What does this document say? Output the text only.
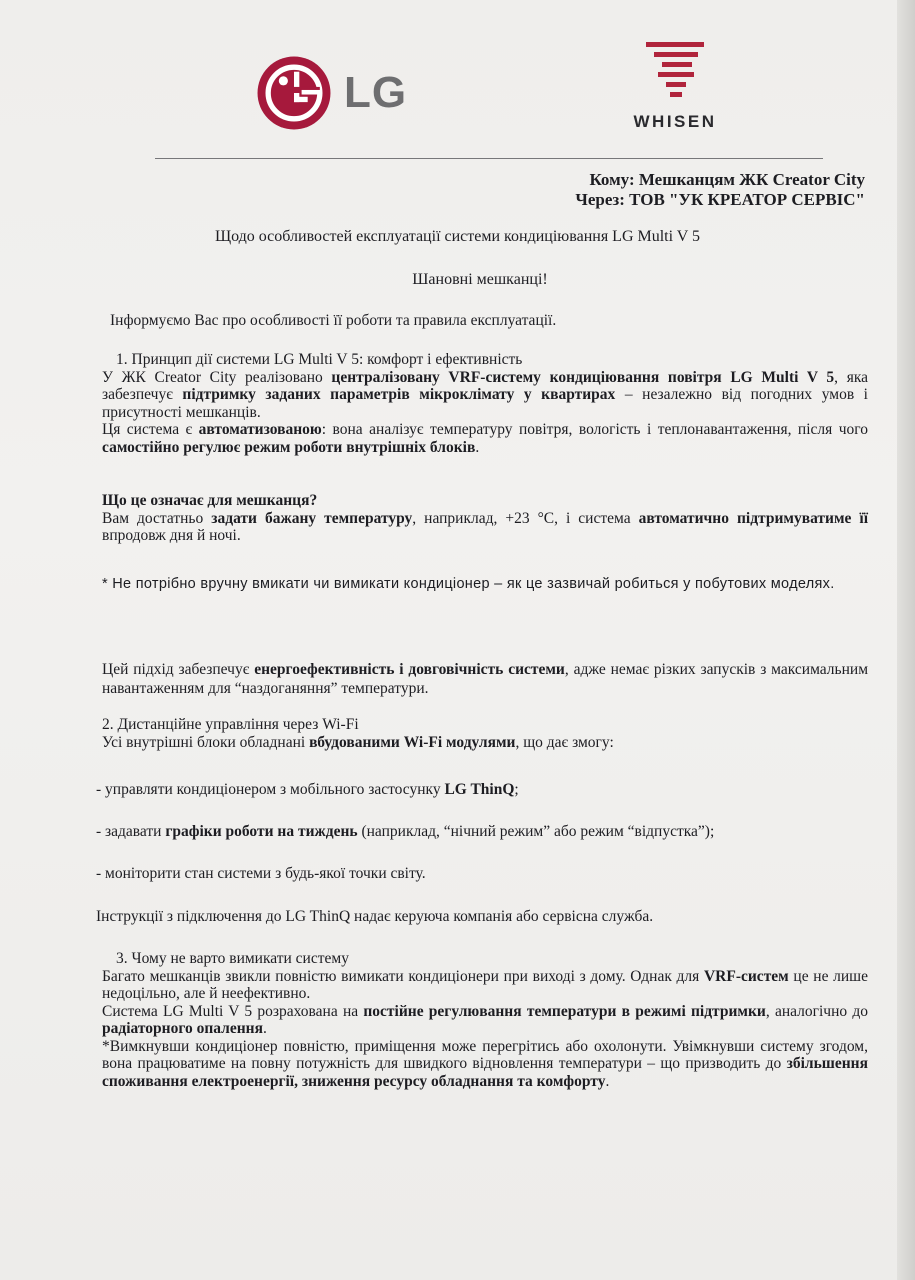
LG
WHISEN
Кому: Мешканцям ЖК Creator City
Через: ТОВ "УК КРЕАТОР СЕРВІС"
Щодо особливостей експлуатації системи кондиціювання LG Multi V 5
Шановні мешканці!

Інформуємо Вас про особливості її роботи та правила експлуатації.

1. Принцип дії системи LG Multi V 5: комфорт і ефективність

У ЖК Creator City реалізовано централізовану VRF-систему кондиціювання повітря LG Multi V 5, яка забезпечує підтримку заданих параметрів мікроклімату у квартирах – незалежно від погодних умов і присутності мешканців.

Ця система є автоматизованою: вона аналізує температуру повітря, вологість і теплонавантаження, після чого самостійно регулює режим роботи внутрішніх блоків.

Що це означає для мешканця?

Вам достатньо задати бажану температуру, наприклад, +23 °C, і система автоматично підтримуватиме її впродовж дня й ночі.

* Не потрібно вручну вмикати чи вимикати кондиціонер – як це зазвичай робиться у побутових моделях.

Цей підхід забезпечує енергоефективність і довговічність системи, адже немає різких запусків з максимальним навантаженням для “наздоганяння” температури.

2. Дистанційне управління через Wi-Fi

Усі внутрішні блоки обладнані вбудованими Wi-Fi модулями, що дає змогу:

- управляти кондиціонером з мобільного застосунку LG ThinQ;
- задавати графіки роботи на тиждень (наприклад, “нічний режим” або режим “відпустка”);
- моніторити стан системи з будь-якої точки світу.
Інструкції з підключення до LG ThinQ надає керуюча компанія або сервісна служба.

3. Чому не варто вимикати систему

Багато мешканців звикли повністю вимикати кондиціонери при виході з дому. Однак для VRF-систем це не лише недоцільно, але й неефективно.

Система LG Multi V 5 розрахована на постійне регулювання температури в режимі підтримки, аналогічно до радіаторного опалення.

*Вимкнувши кондиціонер повністю, приміщення може перегрітись або охолонути. Увімкнувши систему згодом, вона працюватиме на повну потужність для швидкого відновлення температури – що призводить до збільшення споживання електроенергії, зниження ресурсу обладнання та комфорту.
